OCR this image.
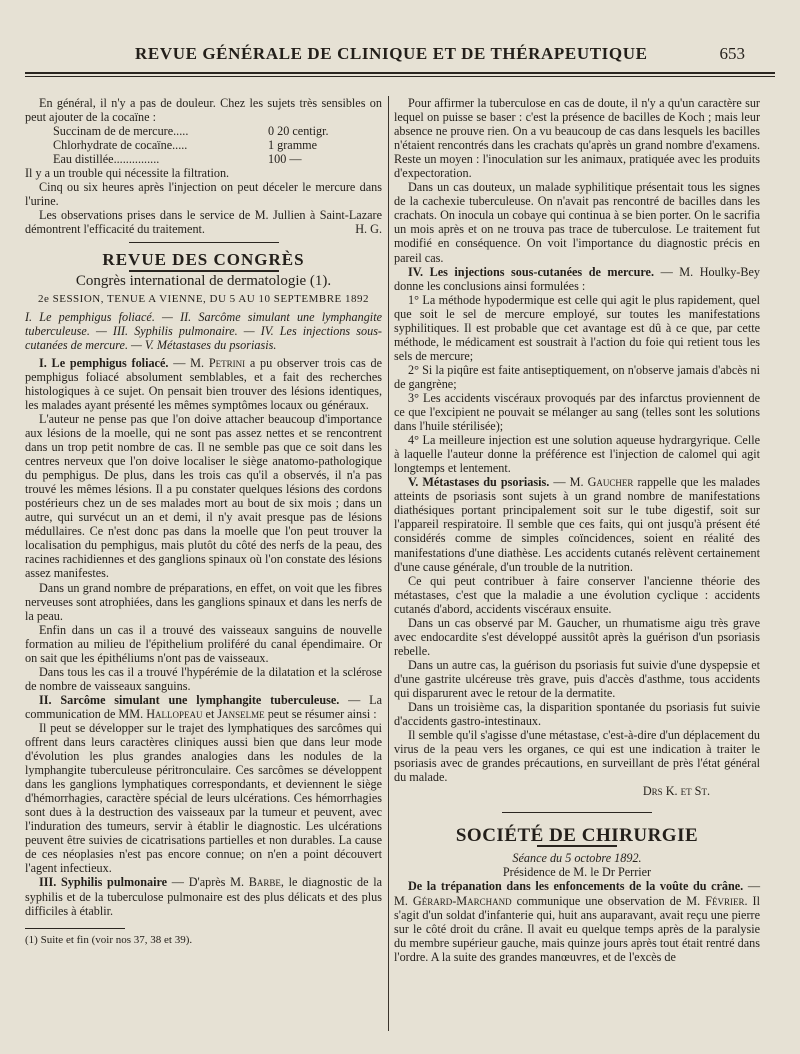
REVUE GÉNÉRALE DE CLINIQUE ET DE THÉRAPEUTIQUE	653

En général, il n'y a pas de douleur. Chez les sujets très sensibles on peut ajouter de la cocaïne :

Succinam de de mercure.....	0 20 centigr.
Chlorhydrate de cocaïne.....	1 gramme
Eau distillée...............	100 —

Il y a un trouble qui nécessite la filtration.

Cinq ou six heures après l'injection on peut déceler le mercure dans l'urine.

Les observations prises dans le service de M. Jullien à Saint-Lazare démontrent l'efficacité du traitement.	H. G.

REVUE DES CONGRÈS
Congrès international de dermatologie (1).
2e SESSION, TENUE A VIENNE, DU 5 AU 10 SEPTEMBRE 1892

I. Le pemphigus foliacé. — II. Sarcôme simulant une lymphangite tuberculeuse. — III. Syphilis pulmonaire. — IV. Les injections sous-cutanées de mercure. — V. Métastases du psoriasis.

I. Le pemphigus foliacé. — M. Petrini a pu observer trois cas de pemphigus foliacé absolument semblables, et a fait des recherches histologiques à ce sujet. On pensait bien trouver des lésions identiques, les malades ayant présenté les mêmes symptômes locaux ou généraux.

L'auteur ne pense pas que l'on doive attacher beaucoup d'importance aux lésions de la moelle, qui ne sont pas assez nettes et se rencontrent dans un trop petit nombre de cas. Il ne semble pas que ce soit dans les centres nerveux que l'on doive localiser le siège anatomo-pathologique du pemphigus. De plus, dans les trois cas qu'il a observés, il n'a pas trouvé les mêmes lésions. Il a pu constater quelques lésions des cordons postérieurs chez un de ses malades mort au bout de six mois ; dans un autre, qui survécut un an et demi, il n'y avait presque pas de lésions médullaires. Ce n'est donc pas dans la moelle que l'on peut trouver la localisation du pemphigus, mais plutôt du côté des nerfs de la peau, des racines rachidiennes et des ganglions spinaux où l'on constate des lésions assez manifestes.

Dans un grand nombre de préparations, en effet, on voit que les fibres nerveuses sont atrophiées, dans les ganglions spinaux et dans les nerfs de la peau.

Enfin dans un cas il a trouvé des vaisseaux sanguins de nouvelle formation au milieu de l'épithelium proliféré du canal épendimaire. Or on sait que les épithéliums n'ont pas de vaisseaux.

Dans tous les cas il a trouvé l'hypérémie de la dilatation et la sclérose de nombre de vaisseaux sanguins.

II. Sarcôme simulant une lymphangite tuberculeuse. — La communication de MM. Hallopeau et Janselme peut se résumer ainsi :

Il peut se développer sur le trajet des lymphatiques des sarcômes qui offrent dans leurs caractères cliniques aussi bien que dans leur mode d'évolution les plus grandes analogies dans les nodules de la lymphangite tuberculeuse péritronculaire. Ces sarcômes se développent dans les ganglions lymphatiques correspondants, et deviennent le siège d'hémorrhagies, caractère spécial de leurs ulcérations. Ces hémorrhagies sont dues à la destruction des vaisseaux par la tumeur et peuvent, avec l'induration des tumeurs, servir à établir le diagnostic. Les ulcérations peuvent être suivies de cicatrisations partielles et non durables. La cause de ces néoplasies n'est pas encore connue; on n'en a point découvert l'agent infectieux.

III. Syphilis pulmonaire — D'après M. Barbe, le diagnostic de la syphilis et de la tuberculose pulmonaire est des plus délicats et des plus difficiles à établir.

(1) Suite et fin (voir nos 37, 38 et 39).

Pour affirmer la tuberculose en cas de doute, il n'y a qu'un caractère sur lequel on puisse se baser : c'est la présence de bacilles de Koch ; mais leur absence ne prouve rien. On a vu beaucoup de cas dans lesquels les bacilles n'étaient rencontrés dans les crachats qu'après un grand nombre d'examens. Reste un moyen : l'inoculation sur les animaux, pratiquée avec les produits d'expectoration.

Dans un cas douteux, un malade syphilitique présentait tous les signes de la cachexie tuberculeuse. On n'avait pas rencontré de bacilles dans les crachats. On inocula un cobaye qui continua à se bien porter. On le sacrifia un mois après et on ne trouva pas trace de tuberculose. Le traitement fut modifié en conséquence. On voit l'importance du diagnostic précis en pareil cas.

IV. Les injections sous-cutanées de mercure. — M. Houlky-Bey donne les conclusions ainsi formulées :

1° La méthode hypodermique est celle qui agit le plus rapidement, quel que soit le sel de mercure employé, sur toutes les manifestations syphilitiques. Il est probable que cet avantage est dû à ce que, par cette méthode, le médicament est soustrait à l'action du foie qui retient tous les sels de mercure;

2° Si la piqûre est faite antiseptiquement, on n'observe jamais d'abcès ni de gangrène;

3° Les accidents viscéraux provoqués par des infarctus proviennent de ce que l'excipient ne pouvait se mélanger au sang (telles sont les solutions dans l'huile stérilisée);

4° La meilleure injection est une solution aqueuse hydrargyrique. Celle à laquelle l'auteur donne la préférence est l'injection de calomel qui agit longtemps et lentement.

V. Métastases du psoriasis. — M. Gaucher rappelle que les malades atteints de psoriasis sont sujets à un grand nombre de manifestations diathésiques portant principalement soit sur le tube digestif, soit sur l'appareil respiratoire. Il semble que ces faits, qui ont jusqu'à présent été considérés comme de simples coïncidences, soient en réalité des manifestations d'une diathèse. Les accidents cutanés relèvent certainement d'une cause générale, d'un trouble de la nutrition.

Ce qui peut contribuer à faire conserver l'ancienne théorie des métastases, c'est que la maladie a une évolution cyclique : accidents cutanés d'abord, accidents viscéraux ensuite.

Dans un cas observé par M. Gaucher, un rhumatisme aigu très grave avec endocardite s'est développé aussitôt après la guérison d'un psoriasis rebelle.

Dans un autre cas, la guérison du psoriasis fut suivie d'une dyspepsie et d'une gastrite ulcéreuse très grave, puis d'accès d'asthme, tous accidents qui disparurent avec le retour de la dermatite.

Dans un troisième cas, la disparition spontanée du psoriasis fut suivie d'accidents gastro-intestinaux.

Il semble qu'il s'agisse d'une métastase, c'est-à-dire d'un déplacement du virus de la peau vers les organes, ce qui est une indication à traiter le psoriasis avec de grandes précautions, en surveillant de près l'état général du malade.

Drs K. et St.

SOCIÉTÉ DE CHIRURGIE

Séance du 5 octobre 1892.

Présidence de M. le Dr Perrier

De la trépanation dans les enfoncements de la voûte du crâne. — M. Gérard-Marchand communique une observation de M. Février. Il s'agit d'un soldat d'infanterie qui, huit ans auparavant, avait reçu une pierre sur le côté droit du crâne. Il avait eu quelque temps après de la paralysie du membre supérieur gauche, mais quinze jours après tout était rentré dans l'ordre. A la suite des grandes manœuvres, et de l'excès de
